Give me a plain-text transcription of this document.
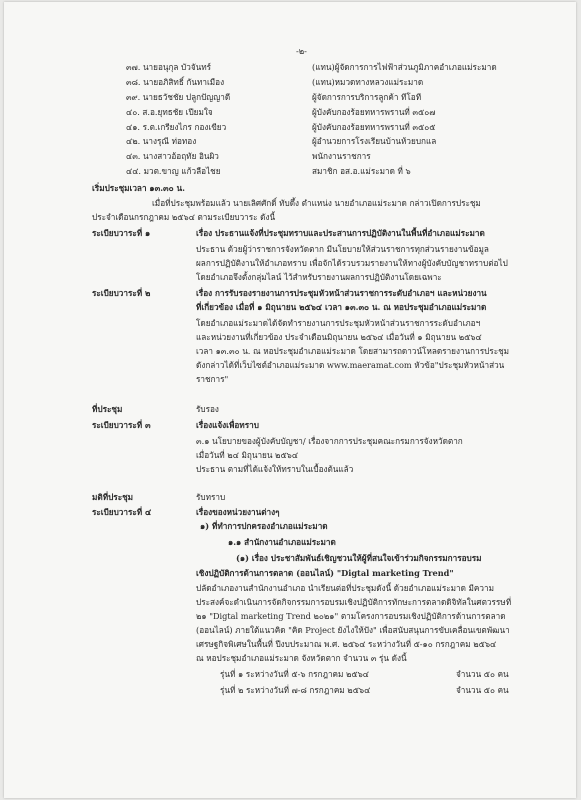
-๒-
๓๗. นายอนุกุล บัวจันทร์	(แทน)ผู้จัดการการไฟฟ้าส่วนภูมิภาคอำเภอแม่ระมาด
๓๘. นายอภิสิทธิ์ กันทาเมือง	(แทน)หมวดทางหลวงแม่ระมาด
๓๙. นายธวัชชัย ปลูกปัญญาดี	ผู้จัดการการบริการลูกค้า ทีโอที
๔๐. ส.อ.ยุทธชัย เปียมใจ	ผู้บังคับกองร้อยทหารพรานที่ ๓๕๐๗
๔๑. ร.ต.เกรียงไกร กองเขียว	ผู้บังคับกองร้อยทหารพรานที่ ๓๕๐๕
๔๒. นางรุณี ท่อทอง	ผู้อำนวยการโรงเรียนบ้านห้วยบกแล
๔๓. นางสาวอ้อฤทัย อินผิว	พนักงานราชการ
๔๔. มวต.ขาญ แก้วลือไชย	สมาชิก อส.อ.แม่ระมาด ที่ ๖
เริ่มประชุมเวลา ๑๓.๓๐ น.
เมื่อที่ประชุมพร้อมแล้ว นายเลิศศักดิ์ ทับดึ้ง ตำแหน่ง นายอำเภอแม่ระมาด กล่าวเปิดการประชุม
ประจำเดือนกรกฎาคม ๒๕๖๔ ตามระเบียบวาระ ดังนี้
ระเบียบวาระที่ ๑	เรื่อง ประธานแจ้งที่ประชุมทราบและประสานการปฏิบัติงานในพื้นที่อำเภอแม่ระมาด
ประธาน ด้วยผู้ว่าราชการจังหวัดตาก มีนโยบายให้ส่วนราชการทุกส่วนรายงานข้อมูล
ผลการปฏิบัติงานให้อำเภอทราบ เพื่อจักได้รวบรวมรายงานให้ทางผู้บังคับบัญชาทราบต่อไป
โดยอำเภอจึงตั้งกลุ่มไลน์ ไว้สำหรับรายงานผลการปฏิบัติงานโดยเฉพาะ
ระเบียบวาระที่ ๒	เรื่อง การรับรองรายงานการประชุมหัวหน้าส่วนราชการระดับอำเภอฯ และหน่วยงาน
ที่เกี่ยวข้อง เมื่อที่ ๑ มิถุนายน ๒๕๖๔ เวลา ๑๓.๓๐ น. ณ หอประชุมอำเภอแม่ระมาด
โดยอำเภอแม่ระมาดได้จัดทำรายงานการประชุมหัวหน้าส่วนราชการระดับอำเภอฯ
และหน่วยงานที่เกี่ยวข้อง ประจำเดือนมิถุนายน ๒๕๖๔ เมื่อวันที่ ๑ มิถุนายน ๒๕๖๔
เวลา ๑๓.๓๐ น. ณ หอประชุมอำเภอแม่ระมาด โดยสามารถดาวน์โหลดรายงานการประชุม
ดังกล่าวได้ที่เว็บไซต์อำเภอแม่ระมาด www.maeramat.com หัวข้อ"ประชุมหัวหน้าส่วน
ราชการ"
ที่ประชุม	รับรอง
ระเบียบวาระที่ ๓	เรื่องแจ้งเพื่อทราบ
๓.๑ นโยบายของผู้บังคับบัญชา/ เรื่องจากการประชุมคณะกรมการจังหวัดตาก
เมื่อวันที่ ๒๔ มิถุนายน ๒๕๖๔
ประธาน ตามที่ได้แจ้งให้ทราบในเบื้องต้นแล้ว
มติที่ประชุม	รับทราบ
ระเบียบวาระที่ ๔	เรื่องของหน่วยงานต่างๆ
๑) ที่ทำการปกครองอำเภอแม่ระมาด
๑.๑ สำนักงานอำเภอแม่ระมาด
(๑) เรื่อง ประชาสัมพันธ์เชิญชวนให้ผู้ที่สนใจเข้าร่วมกิจกรรมการอบรม
เชิงปฏิบัติการด้านการตลาด (ออนไลน์) "Digtal marketing Trend"
ปลัดอำเภองานสำนักงานอำเภอ นำเรียนต่อที่ประชุมดังนี้ ด้วยอำเภอแม่ระมาด มีความ
ประสงค์จะดำเนินการจัดกิจกรรมการอบรมเชิงปฏิบัติการทักษะการตลาดดิจิทัลในศตวรรษที่
๒๑ "Digtal marketing Trend ๒๐๒๑" ตามโครงการอบรมเชิงปฏิบัติการด้านการตลาด
(ออนไลน์) ภายใต้แนวคิด "คิด Project ยังไงให้ปัง" เพื่อสนับสนุนการขับเคลื่อนเขตพัฒนา
เศรษฐกิจพิเศษในพื้นที่ ปีงบประมาณ พ.ศ. ๒๕๖๔ ระหว่างวันที่ ๕-๑๐ กรกฎาคม ๒๕๖๔
ณ หอประชุมอำเภอแม่ระมาด จังหวัดตาก จำนวน ๓ รุ่น ดังนี้
รุ่นที่ ๑ ระหว่างวันที่ ๕-๖ กรกฎาคม ๒๕๖๔	จำนวน ๕๐ คน
รุ่นที่ ๒ ระหว่างวันที่ ๗-๘ กรกฎาคม ๒๕๖๔	จำนวน ๕๐ คน
